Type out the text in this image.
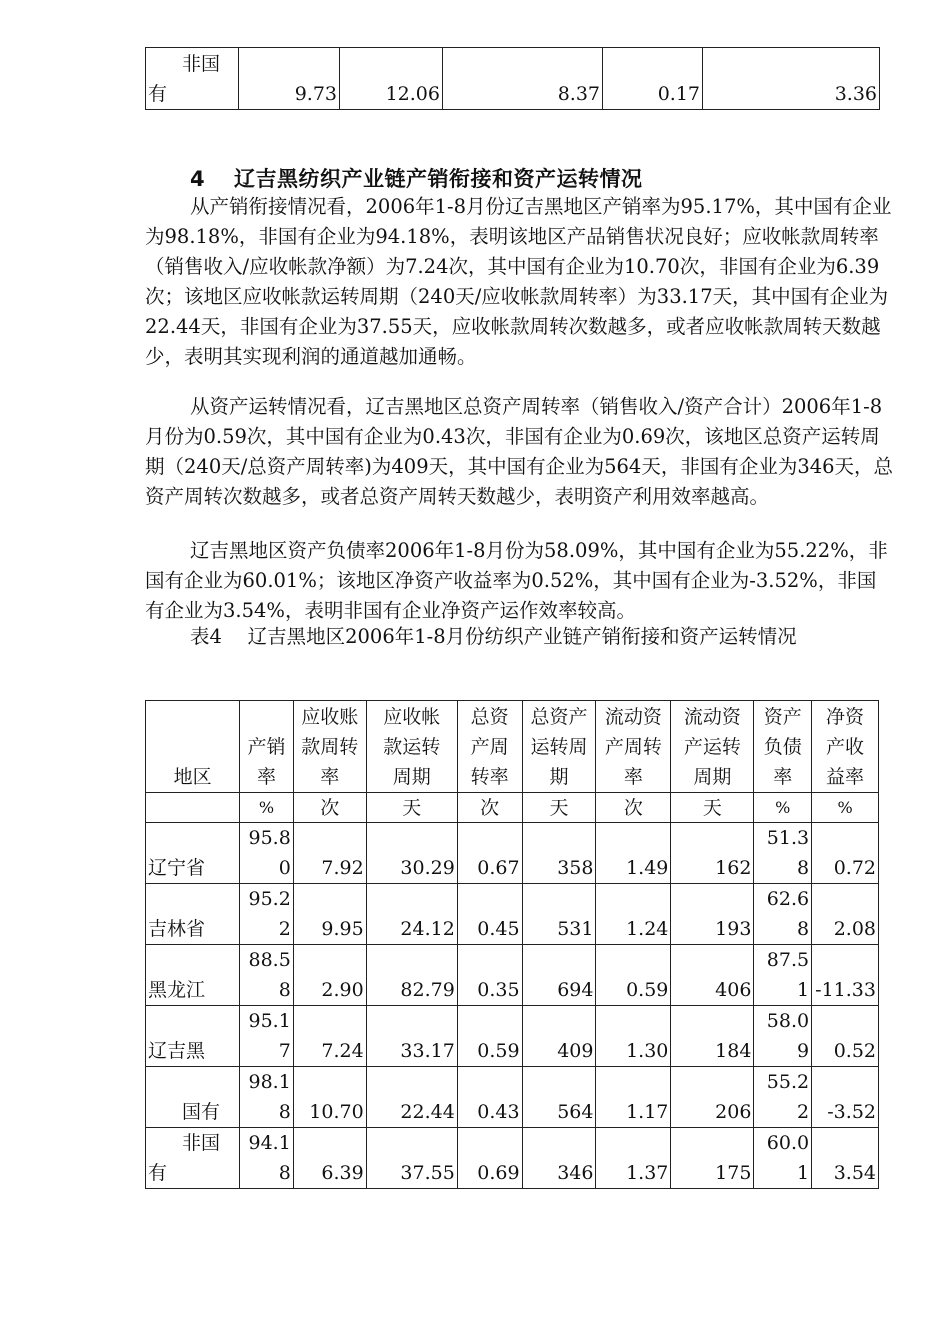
非国有	9.73	12.06	8.37	0.17	3.36
4 辽吉黑纺织产业链产销衔接和资产运转情况

从产销衔接情况看，2006年1-8月份辽吉黑地区产销率为95.17%，其中国有企业为98.18%，非国有企业为94.18%，表明该地区产品销售状况良好；应收帐款周转率（销售收入/应收帐款净额）为7.24次，其中国有企业为10.70次，非国有企业为6.39次；该地区应收帐款运转周期（240天/应收帐款周转率）为33.17天，其中国有企业为22.44天，非国有企业为37.55天，应收帐款周转次数越多，或者应收帐款周转天数越少，表明其实现利润的通道越加通畅。

从资产运转情况看，辽吉黑地区总资产周转率（销售收入/资产合计）2006年1-8月份为0.59次，其中国有企业为0.43次，非国有企业为0.69次，该地区总资产运转周期（240天/总资产周转率)为409天，其中国有企业为564天，非国有企业为346天，总资产周转次数越多，或者总资产周转天数越少，表明资产利用效率越高。

辽吉黑地区资产负债率2006年1-8月份为58.09%，其中国有企业为55.22%，非国有企业为60.01%；该地区净资产收益率为0.52%，其中国有企业为-3.52%，非国有企业为3.54%，表明非国有企业净资产运作效率较高。

表4　 辽吉黑地区2006年1-8月份纺织产业链产销衔接和资产运转情况

地区	产销率	应收账款周转率	应收帐款运转周期	总资产周转率	总资产运转周期	流动资产周转率	流动资产运转周期	资产负债率	净资产收益率
	%	次	天	次	天	次	天	%	%

辽宁省	95.80	7.92	30.29	0.67	358	1.49	162	51.38	0.72

吉林省	95.22	9.95	24.12	0.45	531	1.24	193	62.68	2.08

黑龙江	88.58	2.90	82.79	0.35	694	0.59	406	87.51	-11.33

辽吉黑	95.17	7.24	33.17	0.59	409	1.30	184	58.09	0.52

国有	98.18	10.70	22.44	0.43	564	1.17	206	55.22	-3.52

非国有	94.18	6.39	37.55	0.69	346	1.37	175	60.01	3.54
